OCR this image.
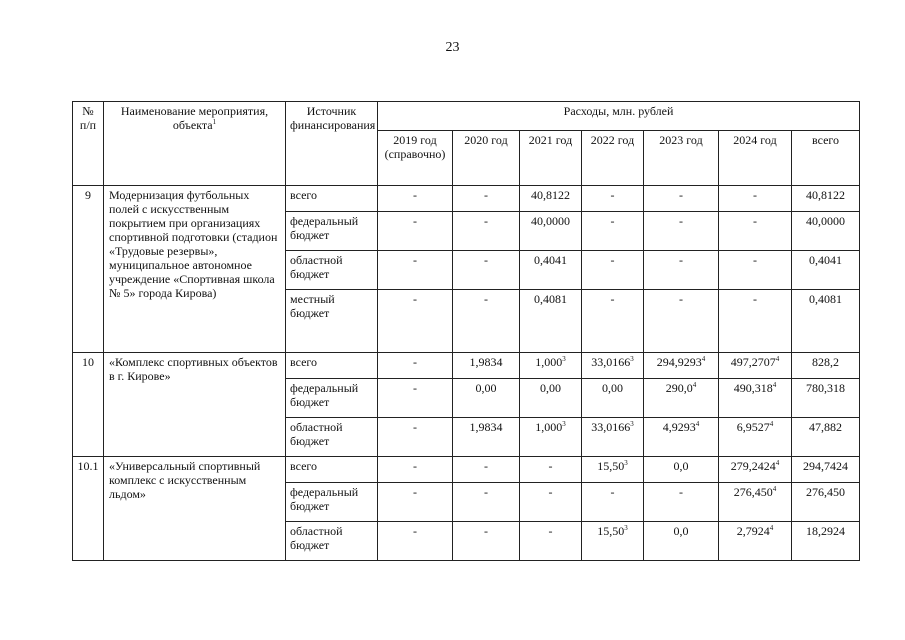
23
№ п/п	Наименование мероприятия, объекта$^1$	Источник финансирования	Расходы, млн. рублей						
			2019 год (справочно)	2020 год	2021 год	2022 год	2023 год	2024 год	всего
9	Модернизация футбольных полей с искусственным покрытием при организациях спортивной подготовки (стадион «Трудовые резервы», муниципальное автономное учреждение «Спортивная школа № 5» города Кирова)	всего	-	-	40,8122	-	-	-	40,8122
		федеральный бюджет	-	-	40,0000	-	-	-	40,0000
		областной бюджет	-	-	0,4041	-	-	-	0,4041
		местный бюджет	-	-	0,4081	-	-	-	0,4081
10	«Комплекс спортивных объектов в г. Кирове»	всего	-	1,9834	1,000$^3$	33,0166$^3$	294,9293$^4$	497,2707$^4$	828,2
		федеральный бюджет	-	0,00	0,00	0,00	290,0$^4$	490,318$^4$	780,318
		областной бюджет	-	1,9834	1,000$^3$	33,0166$^3$	4,9293$^4$	6,9527$^4$	47,882
10.1	«Универсальный спортивный комплекс с искусственным льдом»	всего	-	-	-	15,50$^3$	0,0	279,2424$^4$	294,7424
		федеральный бюджет	-	-	-	-	-	276,450$^4$	276,450
		областной бюджет	-	-	-	15,50$^3$	0,0	2,7924$^4$	18,2924
